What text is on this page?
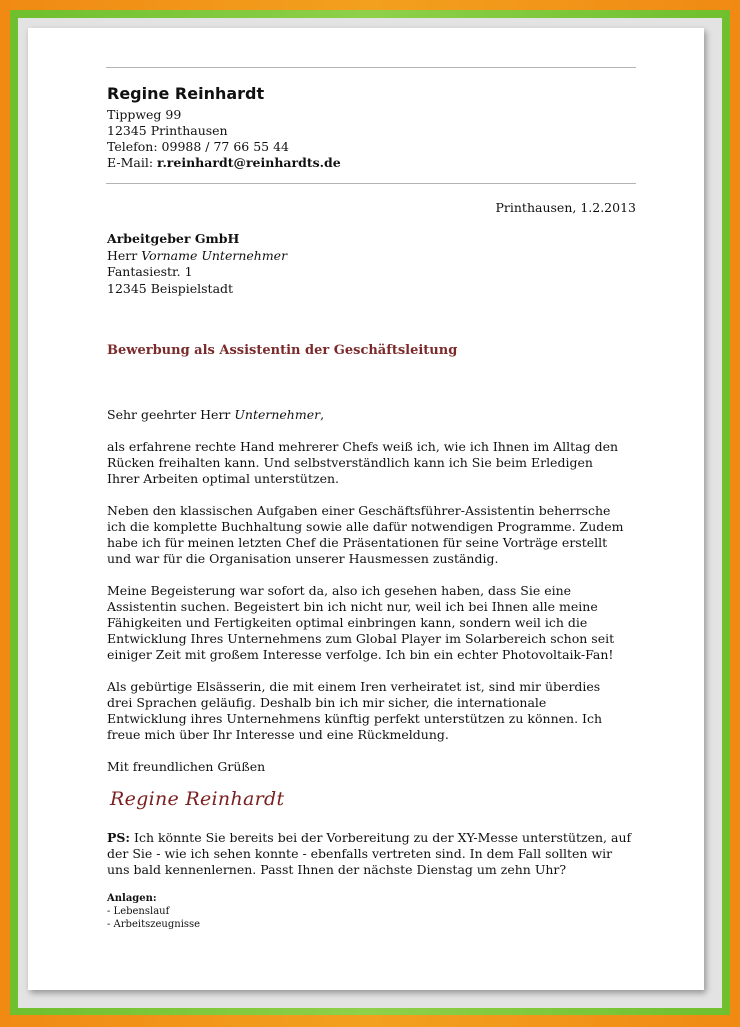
Regine Reinhardt
Tippweg 99
12345 Printhausen
Telefon: 09988 / 77 66 55 44
E-Mail: r.reinhardt@reinhardts.de
Printhausen, 1.2.2013
Arbeitgeber GmbH
Herr Vorname Unternehmer
Fantasiestr. 1
12345 Beispielstadt
Bewerbung als Assistentin der Geschäftsleitung

Sehr geehrter Herr Unternehmer,

als erfahrene rechte Hand mehrerer Chefs weiß ich, wie ich Ihnen im Alltag den Rücken freihalten kann. Und selbstverständlich kann ich Sie beim Erledigen Ihrer Arbeiten optimal unterstützen.

Neben den klassischen Aufgaben einer Geschäftsführer-Assistentin beherrsche ich die komplette Buchhaltung sowie alle dafür notwendigen Programme. Zudem habe ich für meinen letzten Chef die Präsentationen für seine Vorträge erstellt und war für die Organisation unserer Hausmessen zuständig.

Meine Begeisterung war sofort da, also ich gesehen haben, dass Sie eine Assistentin suchen. Begeistert bin ich nicht nur, weil ich bei Ihnen alle meine Fähigkeiten und Fertigkeiten optimal einbringen kann, sondern weil ich die Entwicklung Ihres Unternehmens zum Global Player im Solarbereich schon seit einiger Zeit mit großem Interesse verfolge. Ich bin ein echter Photovoltaik-Fan!

Als gebürtige Elsässerin, die mit einem Iren verheiratet ist, sind mir überdies drei Sprachen geläufig. Deshalb bin ich mir sicher, die internationale Entwicklung ihres Unternehmens künftig perfekt unterstützen zu können. Ich freue mich über Ihr Interesse und eine Rückmeldung.

Mit freundlichen Grüßen

Regine Reinhardt
PS: Ich könnte Sie bereits bei der Vorbereitung zu der XY-Messe unterstützen, auf der Sie - wie ich sehen konnte - ebenfalls vertreten sind. In dem Fall sollten wir uns bald kennenlernen. Passt Ihnen der nächste Dienstag um zehn Uhr?
Anlagen:
- Lebenslauf
- Arbeitszeugnisse
